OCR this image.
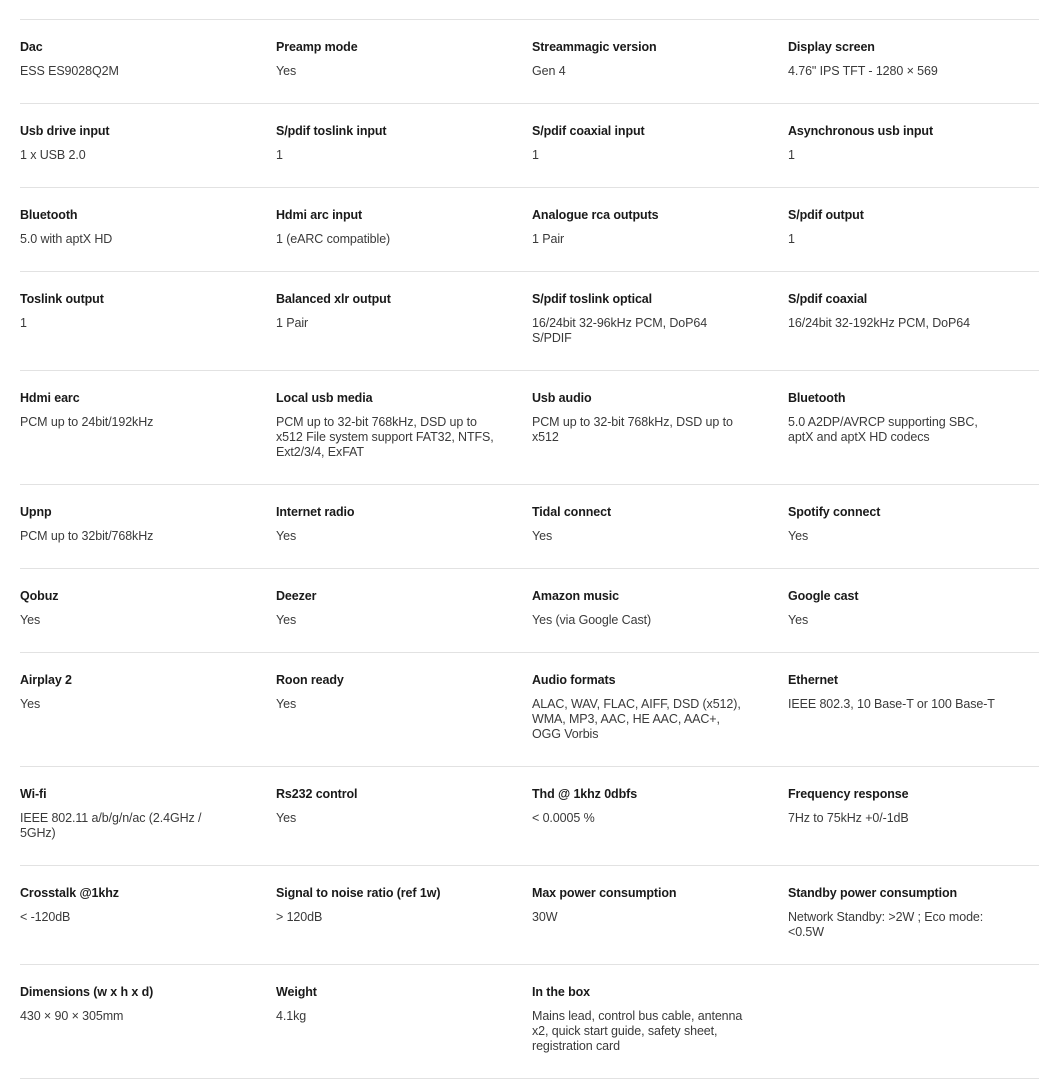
Dac
ESS ES9028Q2M
Preamp mode
Yes
Streammagic version
Gen 4
Display screen
4.76" IPS TFT - 1280 × 569
Usb drive input
1 x USB 2.0
S/pdif toslink input
1
S/pdif coaxial input
1
Asynchronous usb input
1
Bluetooth
5.0 with aptX HD
Hdmi arc input
1 (eARC compatible)
Analogue rca outputs
1 Pair
S/pdif output
1
Toslink output
1
Balanced xlr output
1 Pair
S/pdif toslink optical
16/24bit 32-96kHz PCM, DoP64 S/PDIF
S/pdif coaxial
16/24bit 32-192kHz PCM, DoP64
Hdmi earc
PCM up to 24bit/192kHz
Local usb media
PCM up to 32-bit 768kHz, DSD up to x512 File system support FAT32, NTFS, Ext2/3/4, ExFAT
Usb audio
PCM up to 32-bit 768kHz, DSD up to x512
Bluetooth
5.0 A2DP/AVRCP supporting SBC, aptX and aptX HD codecs
Upnp
PCM up to 32bit/768kHz
Internet radio
Yes
Tidal connect
Yes
Spotify connect
Yes
Qobuz
Yes
Deezer
Yes
Amazon music
Yes (via Google Cast)
Google cast
Yes
Airplay 2
Yes
Roon ready
Yes
Audio formats
ALAC, WAV, FLAC, AIFF, DSD (x512), WMA, MP3, AAC, HE AAC, AAC+, OGG Vorbis
Ethernet
IEEE 802.3, 10 Base-T or 100 Base-T
Wi-fi
IEEE 802.11 a/b/g/n/ac (2.4GHz / 5GHz)
Rs232 control
Yes
Thd @ 1khz 0dbfs
< 0.0005 %
Frequency response
7Hz to 75kHz +0/-1dB
Crosstalk @1khz
< -120dB
Signal to noise ratio (ref 1w)
> 120dB
Max power consumption
30W
Standby power consumption
Network Standby: >2W ; Eco mode: <0.5W
Dimensions (w x h x d)
430 × 90 × 305mm
Weight
4.1kg
In the box
Mains lead, control bus cable, antenna x2, quick start guide, safety sheet, registration card
